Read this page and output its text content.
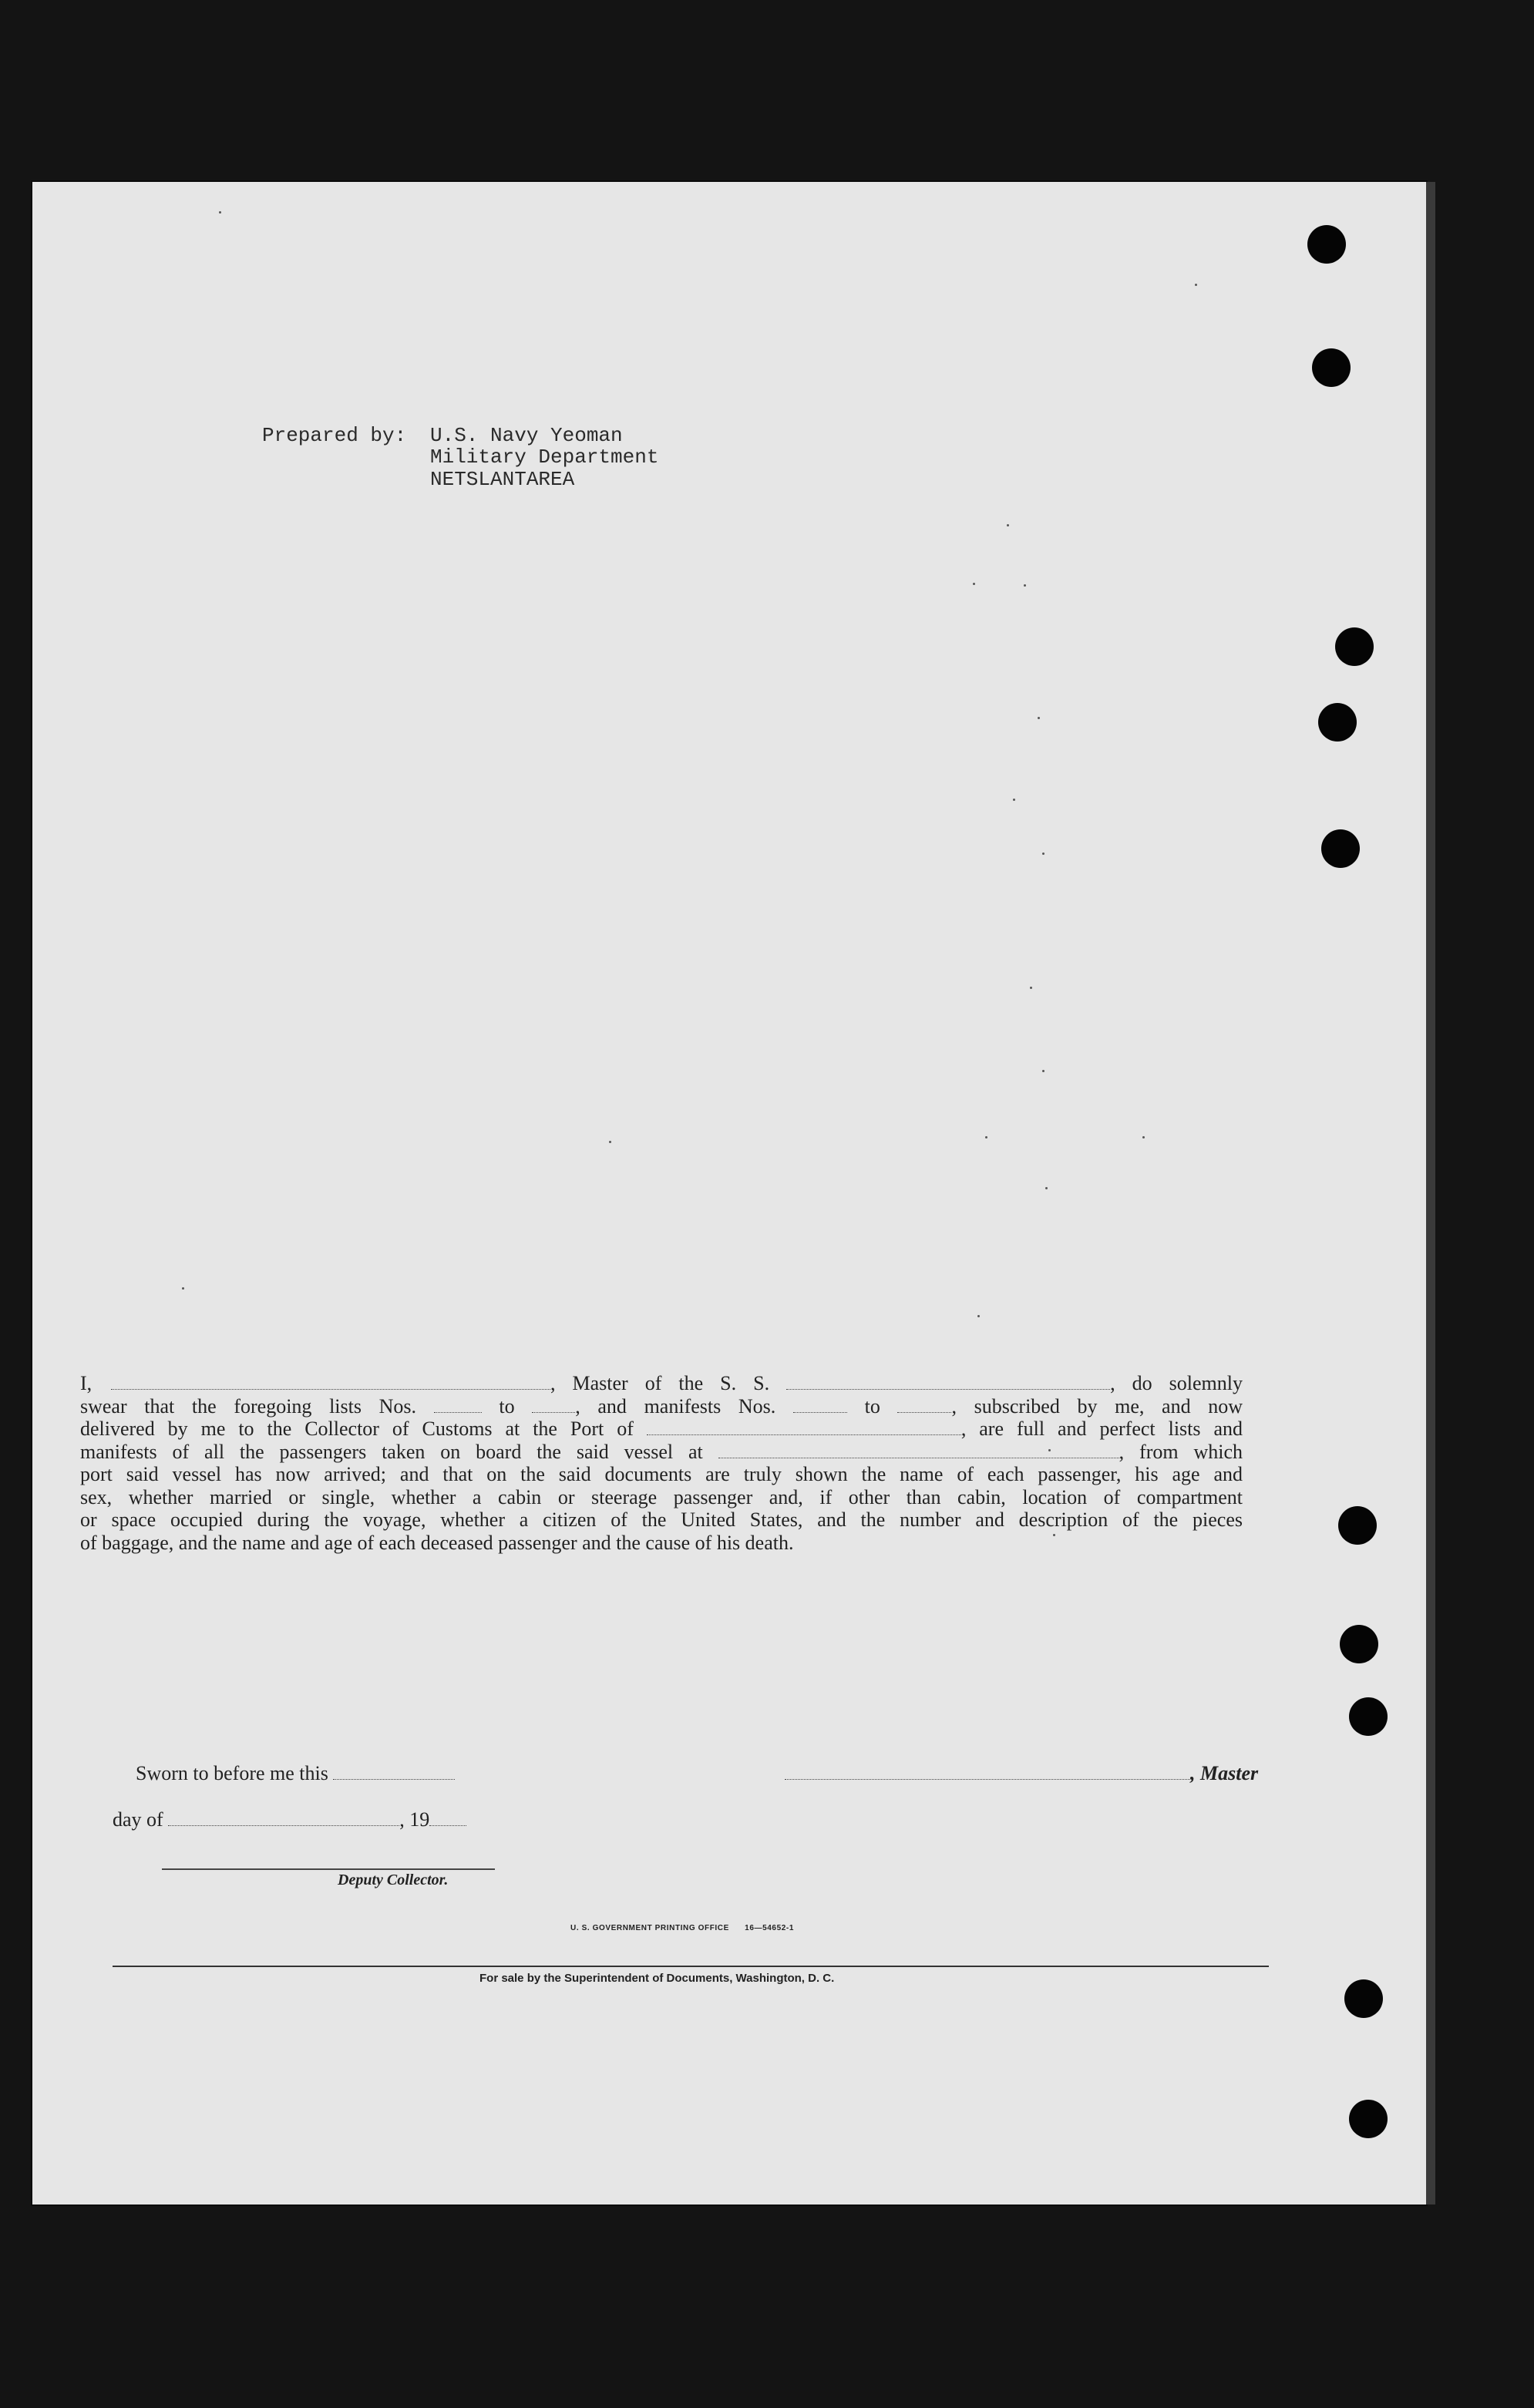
Prepared by: U.S. Navy Yeoman
Military Department
NETSLANTAREA
I,	, Master of the S. S.	, do solemnly
swear that the foregoing lists Nos.	to	, and manifests Nos.	to	, subscribed by me, and now
delivered by me to the Collector of Customs at the Port of	, are full and perfect lists and
manifests of all the passengers taken on board the said vessel at	, from which
port said vessel has now arrived; and that on the said documents are truly shown the name of each passenger, his age and
sex, whether married or single, whether a cabin or steerage passenger and, if other than cabin, location of compartment
or space occupied during the voyage, whether a citizen of the United States, and the number and description of the pieces
of baggage, and the name and age of each deceased passenger and the cause of his death.
Sworn to before me this	, Master
day of	, 19
Deputy Collector.
U. S. GOVERNMENT PRINTING OFFICE 16—54652-1
For sale by the Superintendent of Documents, Washington, D. C.
